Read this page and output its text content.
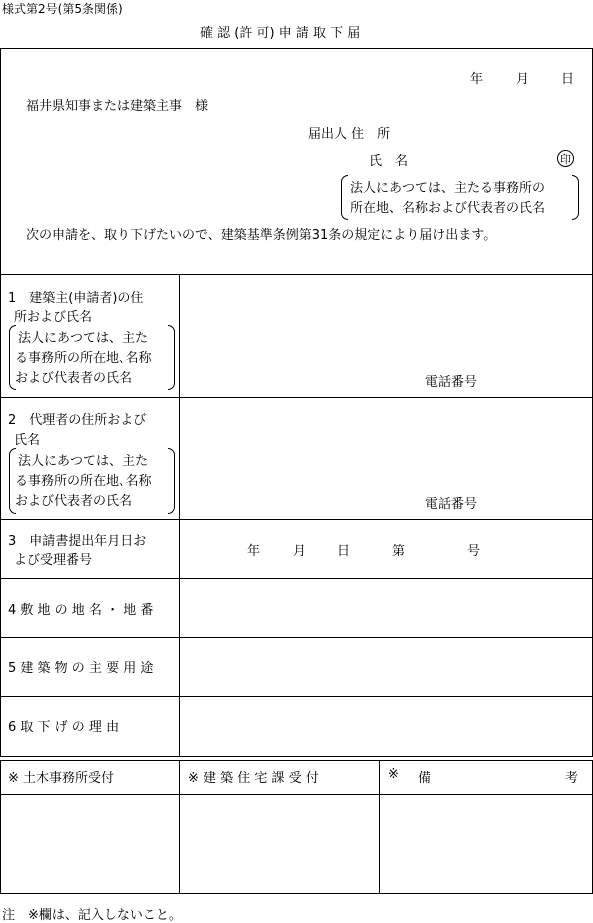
様式第2号(第5条関係)
確 認 (許 可) 申 請 取 下 届
年	月 日
福井県知事または建築主事　様
届出人 住　所
氏　名	印
法人にあつては、主たる事務所の
所在地、名称および代表者の氏名
次の申請を、取り下げたいので、建築基準条例第31条の規定により届け出ます。
1　建築主(申請者)の住
所および氏名
法人にあつては、主た
る事務所の所在地､名称
および代表者の氏名	電話番号
2　代理者の住所および
氏名
法人にあつては、主た
る事務所の所在地､名称
および代表者の氏名	電話番号
3　申請書提出年月日お
よび受理番号
年	月 日	第	号
4 敷 地 の 地 名 ・ 地 番
5 建 築 物 の 主 要 用 途
6 取 下 げ の 理 由
※ 土木事務所受付	※ 建 築 住 宅 課 受 付	※ 備	考
注　※欄は、記入しないこと。
